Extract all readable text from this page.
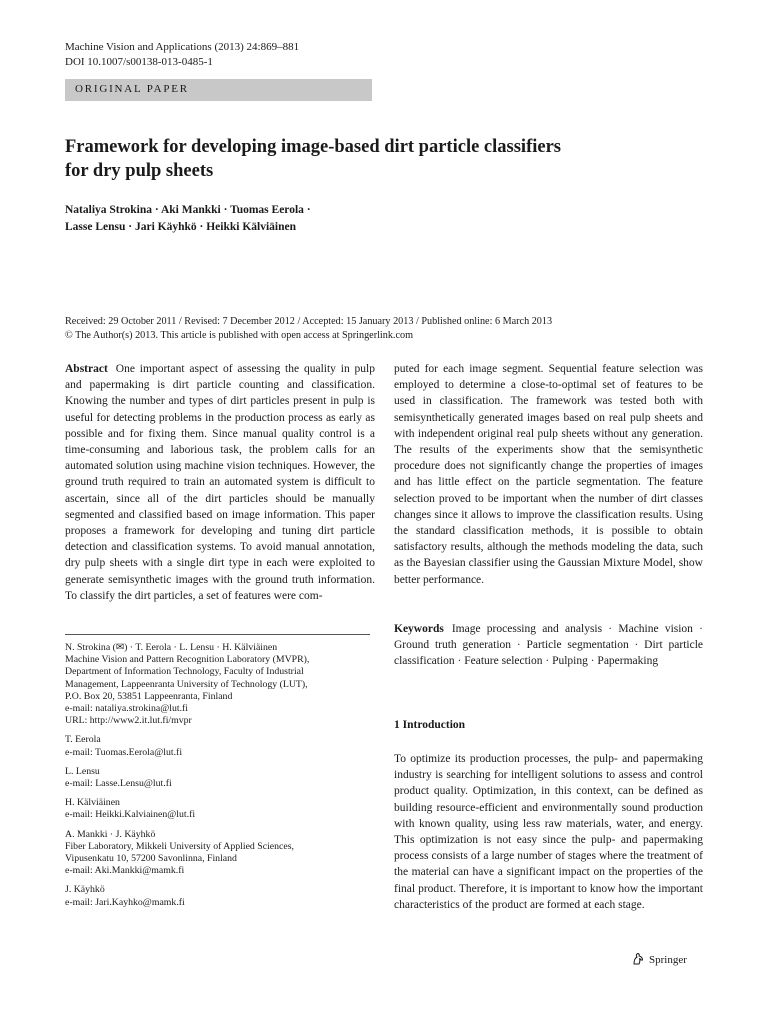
Machine Vision and Applications (2013) 24:869–881
DOI 10.1007/s00138-013-0485-1
ORIGINAL PAPER
Framework for developing image-based dirt particle classifiers
for dry pulp sheets
Nataliya Strokina · Aki Mankki · Tuomas Eerola ·
Lasse Lensu · Jari Käyhkö · Heikki Kälviäinen
Received: 29 October 2011 / Revised: 7 December 2012 / Accepted: 15 January 2013 / Published online: 6 March 2013
© The Author(s) 2013. This article is published with open access at Springerlink.com
Abstract One important aspect of assessing the quality in pulp and papermaking is dirt particle counting and classification. Knowing the number and types of dirt particles present in pulp is useful for detecting problems in the production process as early as possible and for fixing them. Since manual quality control is a time-consuming and laborious task, the problem calls for an automated solution using machine vision techniques. However, the ground truth required to train an automated system is difficult to ascertain, since all of the dirt particles should be manually segmented and classified based on image information. This paper proposes a framework for developing and tuning dirt particle detection and classification systems. To avoid manual annotation, dry pulp sheets with a single dirt type in each were exploited to generate semisynthetic images with the ground truth information. To classify the dirt particles, a set of features were com-
puted for each image segment. Sequential feature selection was employed to determine a close-to-optimal set of features to be used in classification. The framework was tested both with semisynthetically generated images based on real pulp sheets and with independent original real pulp sheets without any generation. The results of the experiments show that the semisynthetic procedure does not significantly change the properties of images and has little effect on the particle segmentation. The feature selection proved to be important when the number of dirt classes changes since it allows to improve the classification results. Using the standard classification methods, it is possible to obtain satisfactory results, although the methods modeling the data, such as the Bayesian classifier using the Gaussian Mixture Model, show better performance.
Keywords Image processing and analysis · Machine vision · Ground truth generation · Particle segmentation · Dirt particle classification · Feature selection · Pulping · Papermaking
1 Introduction
To optimize its production processes, the pulp- and papermaking industry is searching for intelligent solutions to assess and control product quality. Optimization, in this context, can be defined as building resource-efficient and environmentally sound production with known quality, using less raw materials, water, and energy. This optimization is not easy since the pulp- and papermaking process consists of a large number of stages where the treatment of the material can have a significant impact on the properties of the final product. Therefore, it is important to know how the important characteristics of the product are formed at each stage.
N. Strokina (✉) · T. Eerola · L. Lensu · H. Kälviäinen
Machine Vision and Pattern Recognition Laboratory (MVPR),
Department of Information Technology, Faculty of Industrial
Management, Lappeenranta University of Technology (LUT),
P.O. Box 20, 53851 Lappeenranta, Finland
e-mail: nataliya.strokina@lut.fi
URL: http://www2.it.lut.fi/mvpr
T. Eerola
e-mail: Tuomas.Eerola@lut.fi
L. Lensu
e-mail: Lasse.Lensu@lut.fi
H. Kälviäinen
e-mail: Heikki.Kalviainen@lut.fi
A. Mankki · J. Käyhkö
Fiber Laboratory, Mikkeli University of Applied Sciences,
Vipusenkatu 10, 57200 Savonlinna, Finland
e-mail: Aki.Mankki@mamk.fi
J. Käyhkö
e-mail: Jari.Kayhko@mamk.fi
Springer
